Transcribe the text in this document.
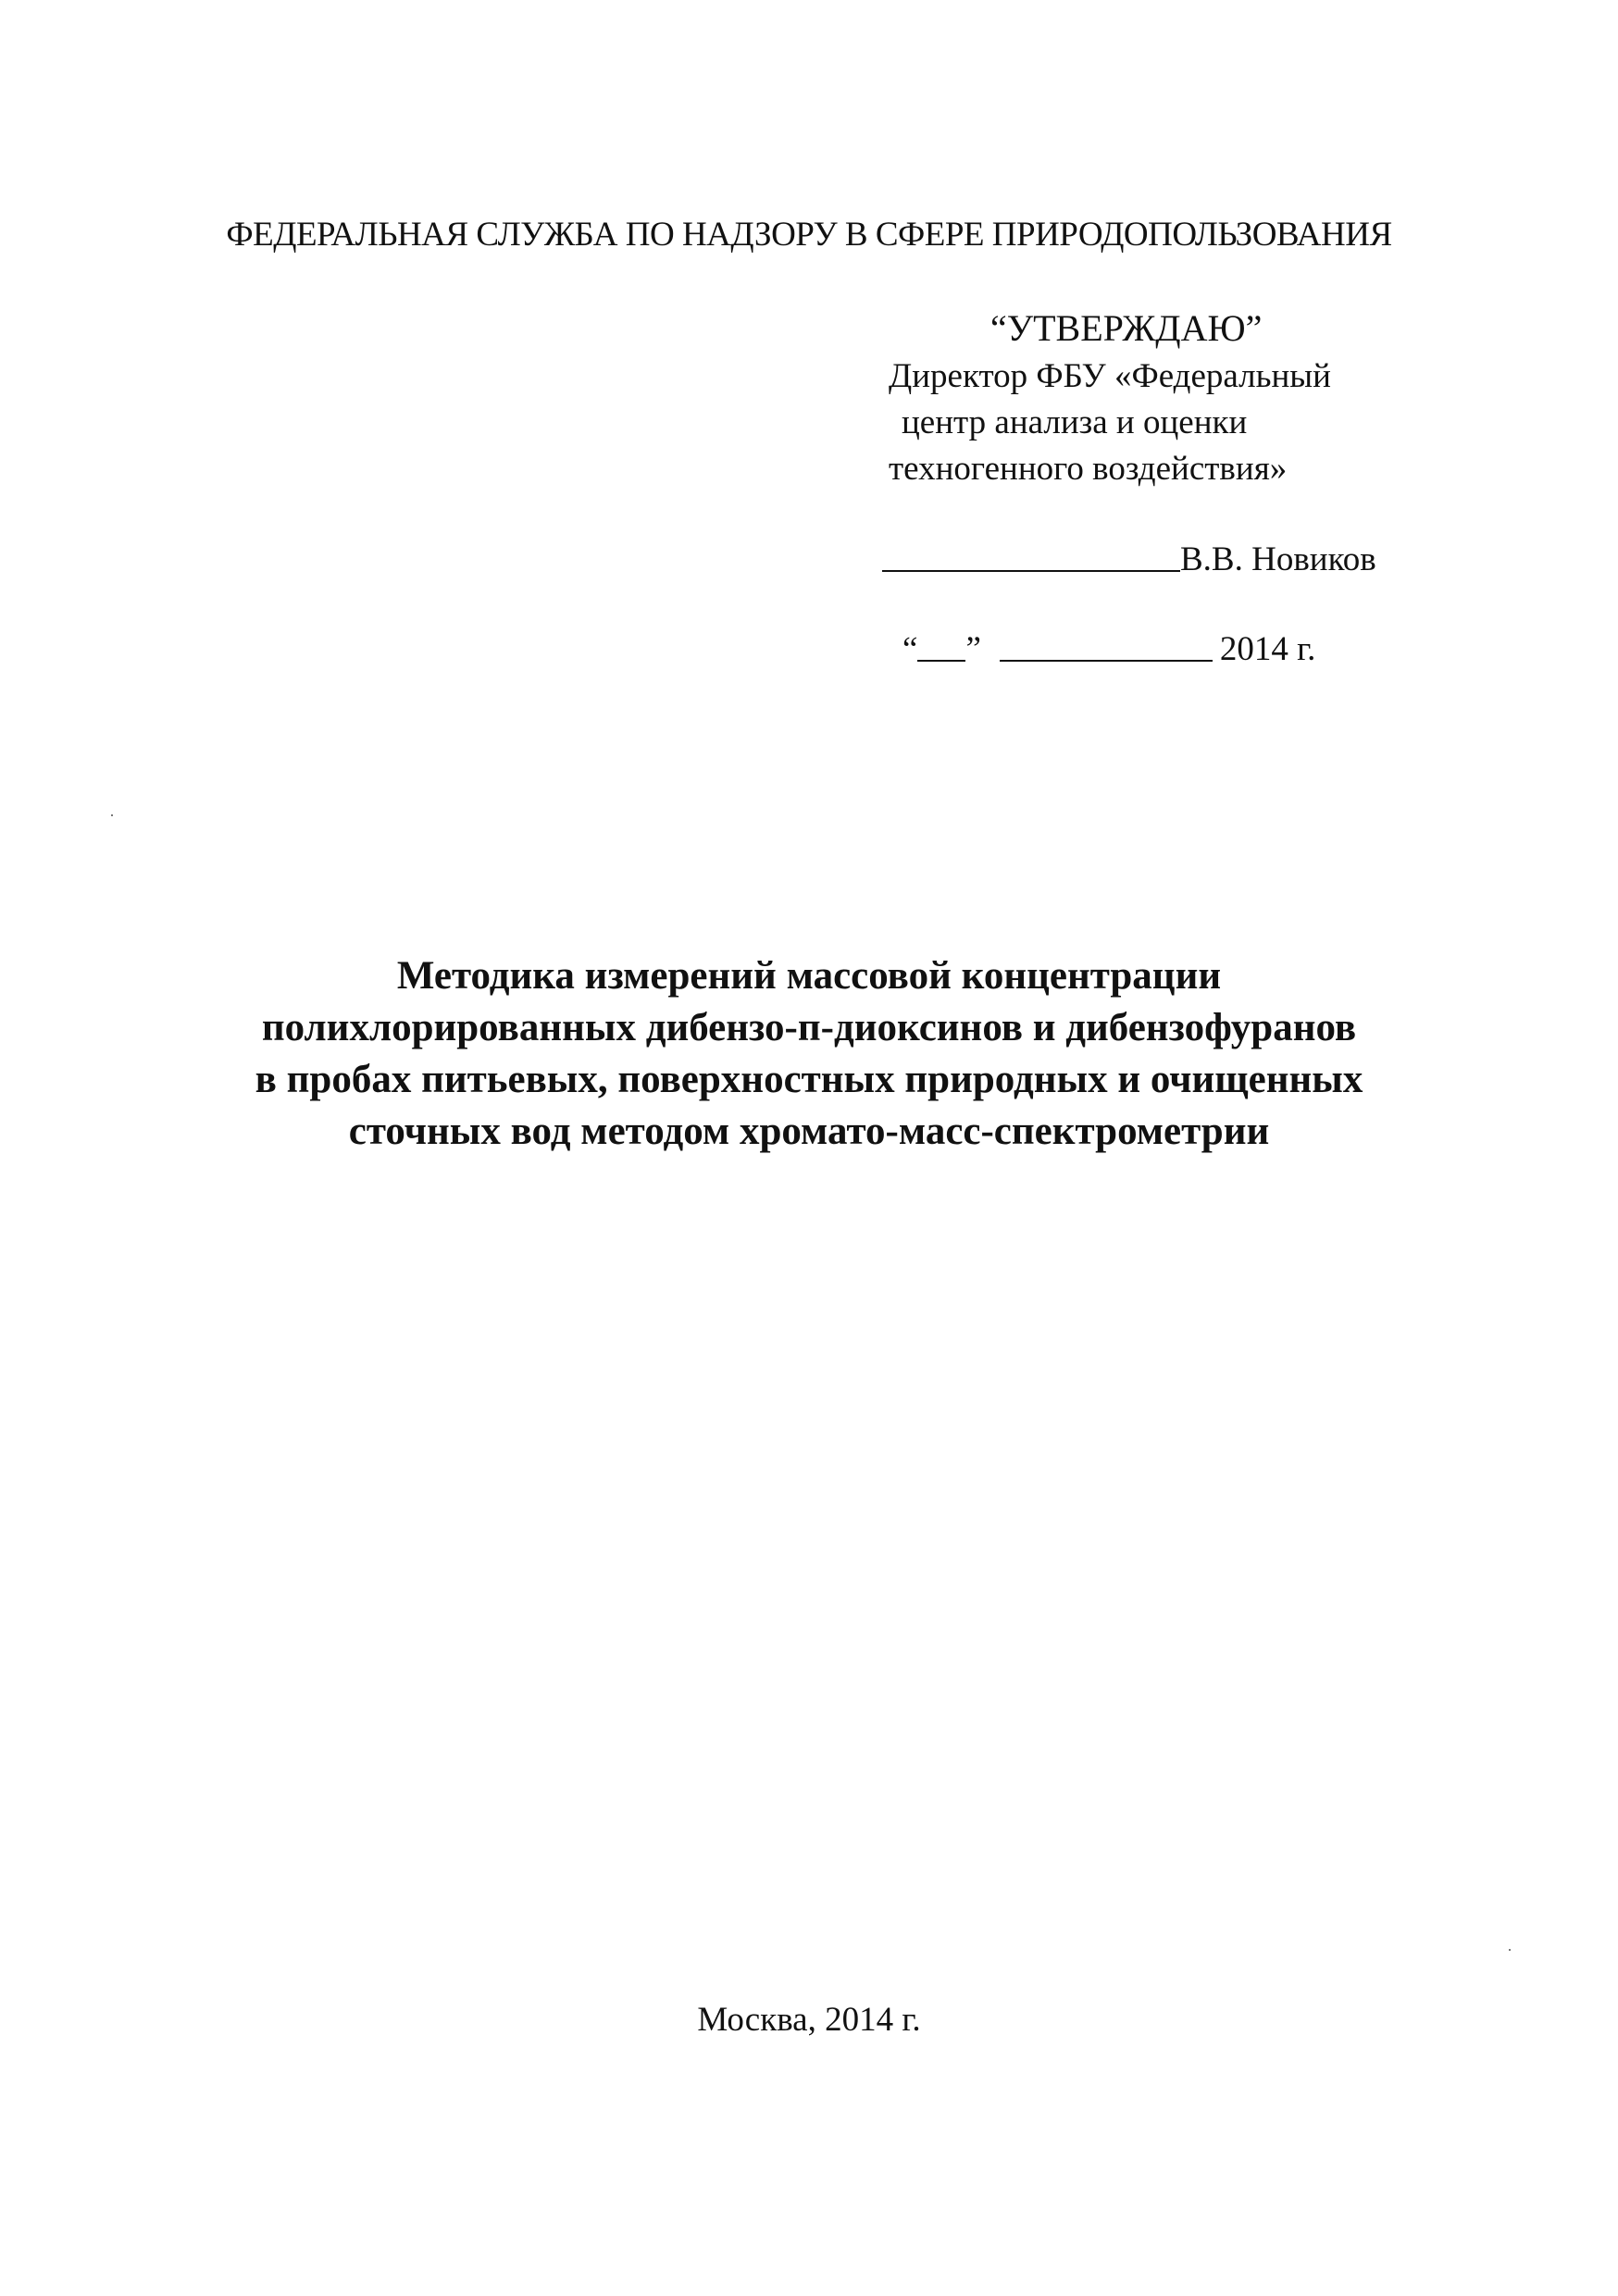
ФЕДЕРАЛЬНАЯ СЛУЖБА ПО НАДЗОРУ В СФЕРЕ ПРИРОДОПОЛЬЗОВАНИЯ
“УТВЕРЖДАЮ”
Директор ФБУ «Федеральный
центр анализа и оценки
техногенного воздействия»
В.В. Новиков
“ ”	2014 г.
Методика измерений массовой концентрации
полихлорированных дибензо-п-диоксинов и дибензофуранов
в пробах питьевых, поверхностных природных и очищенных
сточных вод методом хромато-масс-спектрометрии
Москва, 2014 г.
